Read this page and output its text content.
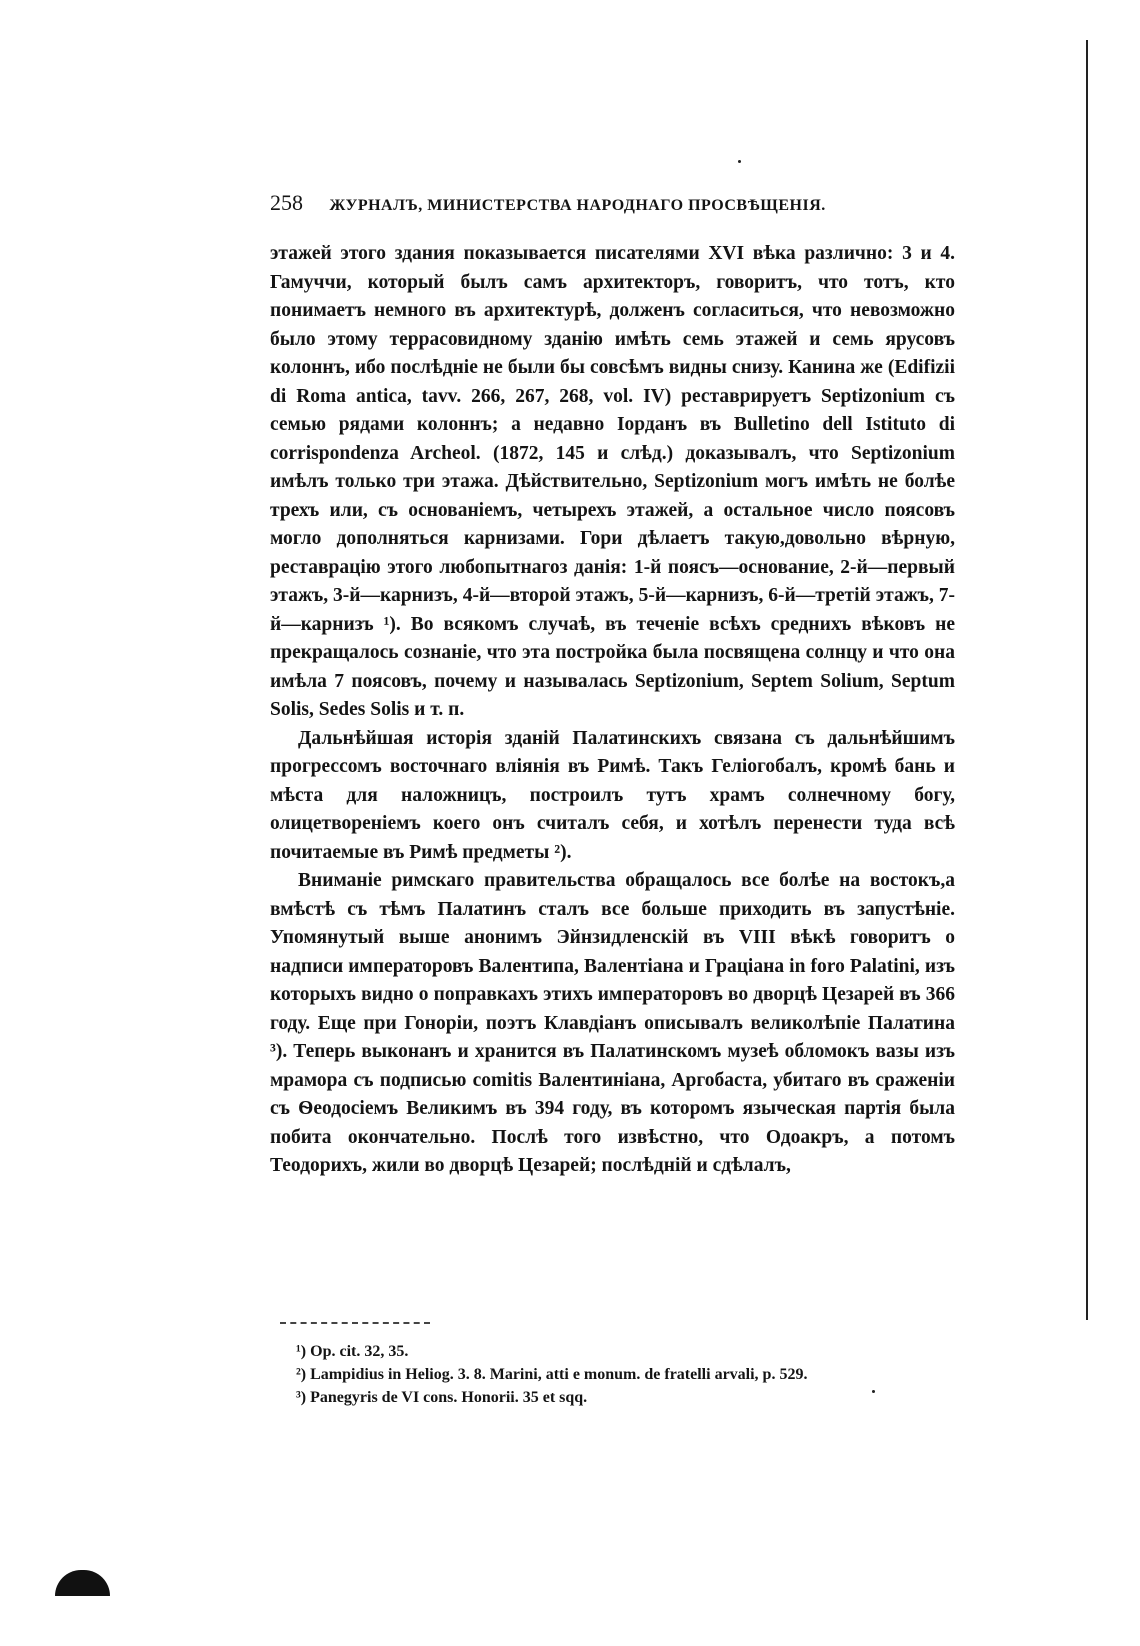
258 ЖУРНАЛЪ, МИНИСТЕРСТВА НАРОДНАГО ПРОСВѢЩЕНІЯ.

этажей этого здания показывается писателями XVI вѣка различно: 3 и 4. Гамуччи, который былъ самъ архитекторъ, говоритъ, что тотъ, кто понимаетъ немного въ архитектурѣ, долженъ согласиться, что невозможно было этому террасовидному зданію имѣть семь этажей и семь ярусовъ колоннъ, ибо послѣдніе не были бы совсѣмъ видны снизу. Канина же (Edifizii di Roma antica, tavv. 266, 267, 268, vol. IV) реставрируетъ Septizonium съ семью рядами колоннъ; а недавно Іорданъ въ Bulletino dell Istituto di corrispondenza Archeol. (1872, 145 и слѣд.) доказывалъ, что Septizonium имѣлъ только три этажа. Дѣйствительно, Septizonium могъ имѣть не болѣе трехъ или, съ основаніемъ, четырехъ этажей, а остальное число поясовъ могло дополняться карнизами. Гори дѣлаетъ такую,довольно вѣрную, реставрацію этого любопытнагоз данія: 1-й поясъ—основание, 2-й—первый этажъ, 3-й—карнизъ, 4-й—второй этажъ, 5-й—карнизъ, 6-й—третій этажъ, 7-й—карнизъ ¹). Во всякомъ случаѣ, въ теченіе всѣхъ среднихъ вѣковъ не прекращалось сознаніе, что эта постройка была посвящена солнцу и что она имѣла 7 поясовъ, почему и называлась Septizonium, Septem Solium, Septum Solis, Sedes Solis и т. п.

Дальнѣйшая исторія зданій Палатинскихъ связана съ дальнѣйшимъ прогрессомъ восточнаго вліянія въ Римѣ. Такъ Геліогобалъ, кромѣ бань и мѣста для наложницъ, построилъ тутъ храмъ солнечному богу, олицетвореніемъ коего онъ считалъ себя, и хотѣлъ перенести туда всѣ почитаемые въ Римѣ предметы ²).

Вниманіе римскаго правительства обращалось все болѣе на востокъ,а вмѣстѣ съ тѣмъ Палатинъ сталъ все больше приходить въ запустѣніе. Упомянутый выше анонимъ Эйнзидленскій въ VIII вѣкѣ говоритъ о надписи императоровъ Валентипа, Валентіана и Граціана in foro Palatini, изъ которыхъ видно о поправкахъ этихъ императоровъ во дворцѣ Цезарей въ 366 году. Еще при Гоноріи, поэтъ Клавдіанъ описывалъ великолѣпіе Палатина ³). Теперь выконанъ и хранится въ Палатинскомъ музеѣ обломокъ вазы изъ мрамора съ подписью comitis Валентиніана, Аргобаста, убитаго въ сраженіи съ Ѳеодосіемъ Великимъ въ 394 году, въ которомъ языческая партія была побита окончательно. Послѣ того извѣстно, что Одоакръ, а потомъ Теодорихъ, жили во дворцѣ Цезарей; послѣдній и сдѣлалъ,

¹) Op. cit. 32, 35.
²) Lampidius in Heliog. 3. 8. Marini, atti e monum. de fratelli arvali, p. 529.
³) Panegyris de VI cons. Honorii. 35 et sqq.
